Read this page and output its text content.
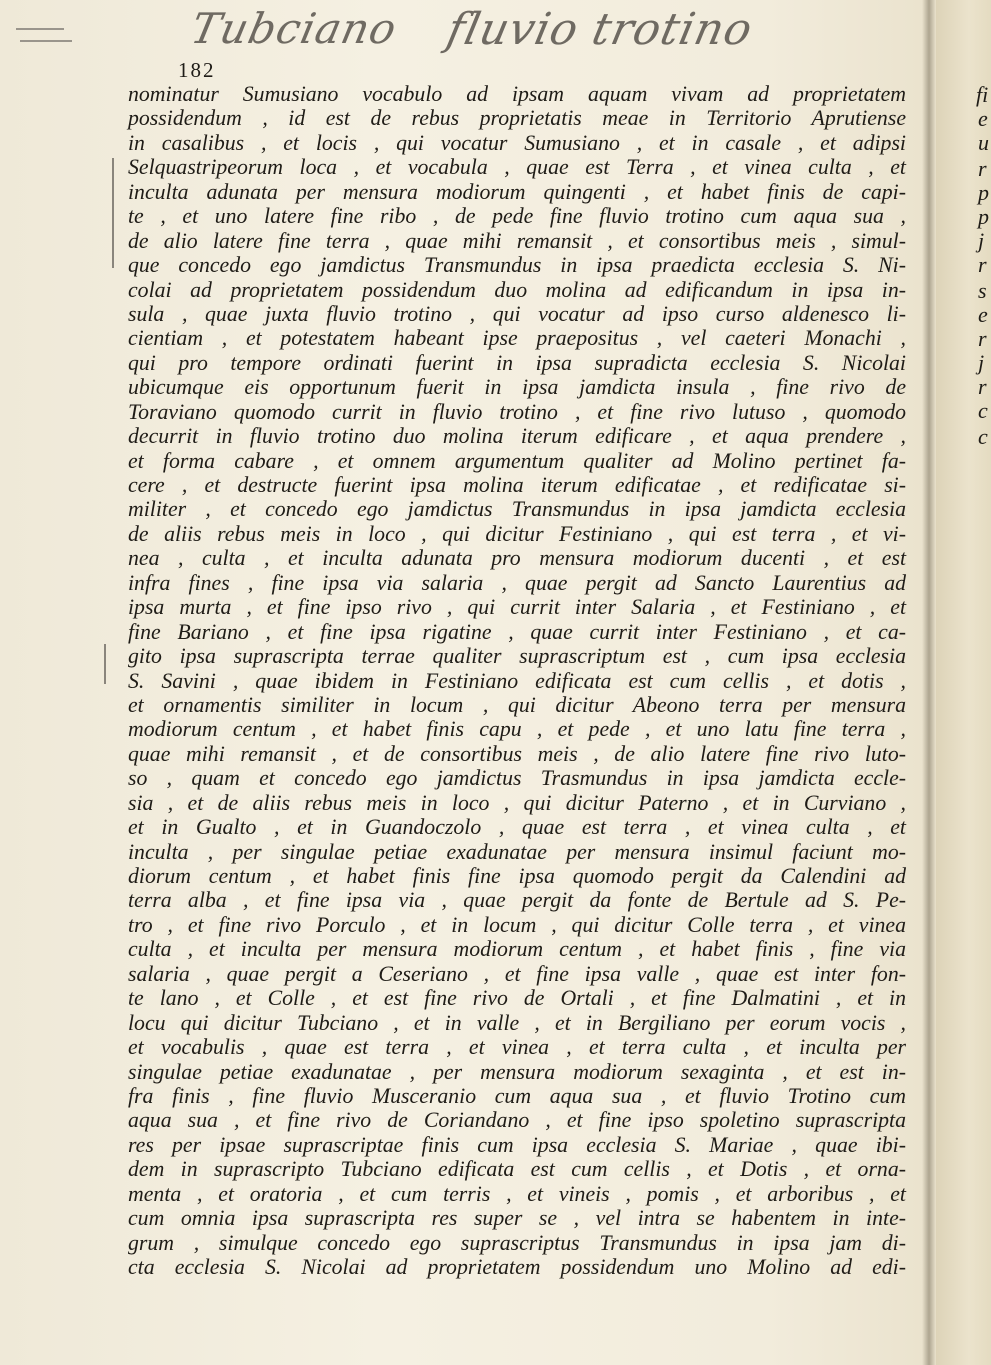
Tubciano fluvio trotino
182
nominatur Sumusiano vocabulo ad ipsam aquam vivam ad proprietatem
possidendum , id est de rebus proprietatis meae in Territorio Aprutiense
in casalibus , et locis , qui vocatur Sumusiano , et in casale , et adipsi
Selquastripeorum loca , et vocabula , quae est Terra , et vinea culta , et
inculta adunata per mensura modiorum quingenti , et habet finis de capi-
te , et uno latere fine ribo , de pede fine fluvio trotino cum aqua sua ,
de alio latere fine terra , quae mihi remansit , et consortibus meis , simul-
que concedo ego jamdictus Transmundus in ipsa praedicta ecclesia S. Ni-
colai ad proprietatem possidendum duo molina ad edificandum in ipsa in-
sula , quae juxta fluvio trotino , qui vocatur ad ipso curso aldenesco li-
cientiam , et potestatem habeant ipse praepositus , vel caeteri Monachi ,
qui pro tempore ordinati fuerint in ipsa supradicta ecclesia S. Nicolai
ubicumque eis opportunum fuerit in ipsa jamdicta insula , fine rivo de
Toraviano quomodo currit in fluvio trotino , et fine rivo lutuso , quomodo
decurrit in fluvio trotino duo molina iterum edificare , et aqua prendere ,
et forma cabare , et omnem argumentum qualiter ad Molino pertinet fa-
cere , et destructe fuerint ipsa molina iterum edificatae , et redificatae si-
militer , et concedo ego jamdictus Transmundus in ipsa jamdicta ecclesia
de aliis rebus meis in loco , qui dicitur Festiniano , qui est terra , et vi-
nea , culta , et inculta adunata pro mensura modiorum ducenti , et est
infra fines , fine ipsa via salaria , quae pergit ad Sancto Laurentius ad
ipsa murta , et fine ipso rivo , qui currit inter Salaria , et Festiniano , et
fine Bariano , et fine ipsa rigatine , quae currit inter Festiniano , et ca-
gito ipsa suprascripta terrae qualiter suprascriptum est , cum ipsa ecclesia
S. Savini , quae ibidem in Festiniano edificata est cum cellis , et dotis ,
et ornamentis similiter in locum , qui dicitur Abeono terra per mensura
modiorum centum , et habet finis capu , et pede , et uno latu fine terra ,
quae mihi remansit , et de consortibus meis , de alio latere fine rivo luto-
so , quam et concedo ego jamdictus Trasmundus in ipsa jamdicta eccle-
sia , et de aliis rebus meis in loco , qui dicitur Paterno , et in Curviano ,
et in Gualto , et in Guandoczolo , quae est terra , et vinea culta , et
inculta , per singulae petiae exadunatae per mensura insimul faciunt mo-
diorum centum , et habet finis fine ipsa quomodo pergit da Calendini ad
terra alba , et fine ipsa via , quae pergit da fonte de Bertule ad S. Pe-
tro , et fine rivo Porculo , et in locum , qui dicitur Colle terra , et vinea
culta , et inculta per mensura modiorum centum , et habet finis , fine via
salaria , quae pergit a Ceseriano , et fine ipsa valle , quae est inter fon-
te lano , et Colle , et est fine rivo de Ortali , et fine Dalmatini , et in
locu qui dicitur Tubciano , et in valle , et in Bergiliano per eorum vocis ,
et vocabulis , quae est terra , et vinea , et terra culta , et inculta per
singulae petiae exadunatae , per mensura modiorum sexaginta , et est in-
fra finis , fine fluvio Musceranio cum aqua sua , et fluvio Trotino cum
aqua sua , et fine rivo de Coriandano , et fine ipso spoletino suprascripta
res per ipsae suprascriptae finis cum ipsa ecclesia S. Mariae , quae ibi-
dem in suprascripto Tubciano edificata est cum cellis , et Dotis , et orna-
menta , et oratoria , et cum terris , et vineis , pomis , et arboribus , et
cum omnia ipsa suprascripta res super se , vel intra se habentem in inte-
grum , simulque concedo ego suprascriptus Transmundus in ipsa jam di-
cta ecclesia S. Nicolai ad proprietatem possidendum uno Molino ad edi-
fi
e
u
r
p
p
j
r
s
e
r
j
r
c
c
